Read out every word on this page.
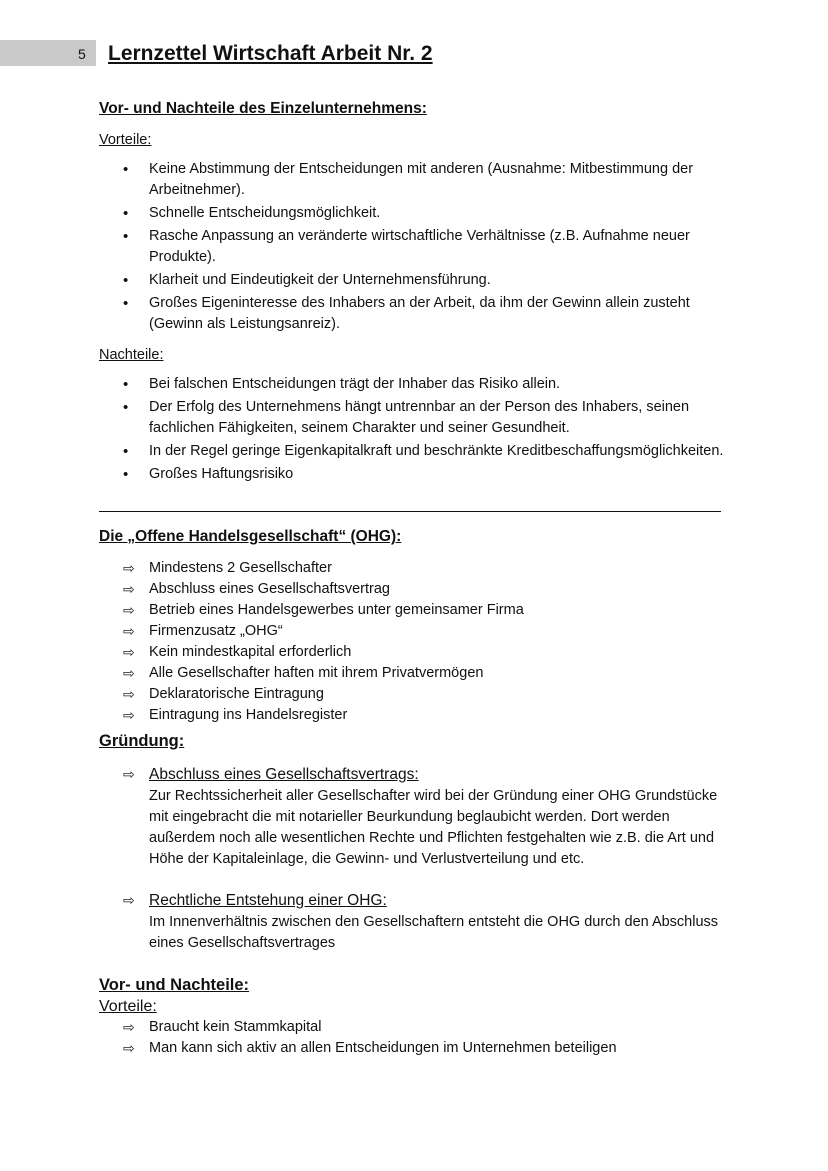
5 Lernzettel Wirtschaft Arbeit Nr. 2
Vor- und Nachteile des Einzelunternehmens:

Vorteile:

• Keine Abstimmung der Entscheidungen mit anderen (Ausnahme: Mitbestimmung der Arbeitnehmer).
• Schnelle Entscheidungsmöglichkeit.
• Rasche Anpassung an veränderte wirtschaftliche Verhältnisse (z.B. Aufnahme neuer Produkte).
• Klarheit und Eindeutigkeit der Unternehmensführung.
• Großes Eigeninteresse des Inhabers an der Arbeit, da ihm der Gewinn allein zusteht (Gewinn als Leistungsanreiz).

Nachteile:

• Bei falschen Entscheidungen trägt der Inhaber das Risiko allein.
• Der Erfolg des Unternehmens hängt untrennbar an der Person des Inhabers, seinen fachlichen Fähigkeiten, seinem Charakter und seiner Gesundheit.
• In der Regel geringe Eigenkapitalkraft und beschränkte Kreditbeschaffungsmöglichkeiten.
• Großes Haftungsrisiko
Die „Offene Handelsgesellschaft“ (OHG):
⇨ Mindestens 2 Gesellschafter
⇨ Abschluss eines Gesellschaftsvertrag
⇨ Betrieb eines Handelsgewerbes unter gemeinsamer Firma
⇨ Firmenzusatz „OHG“
⇨ Kein mindestkapital erforderlich
⇨ Alle Gesellschafter haften mit ihrem Privatvermögen
⇨ Deklaratorische Eintragung
⇨ Eintragung ins Handelsregister
Gründung:
⇨ Abschluss eines Gesellschaftsvertrags:
Zur Rechtssicherheit aller Gesellschafter wird bei der Gründung einer OHG Grundstücke mit eingebracht die mit notarieller Beurkundung beglaubicht werden. Dort werden außerdem noch alle wesentlichen Rechte und Pflichten festgehalten wie z.B. die Art und Höhe der Kapitaleinlage, die Gewinn- und Verlustverteilung und etc.
⇨ Rechtliche Entstehung einer OHG:
Im Innenverhältnis zwischen den Gesellschaftern entsteht die OHG durch den Abschluss eines Gesellschaftsvertrages
Vor- und Nachteile:

Vorteile:

⇨ Braucht kein Stammkapital
⇨ Man kann sich aktiv an allen Entscheidungen im Unternehmen beteiligen
